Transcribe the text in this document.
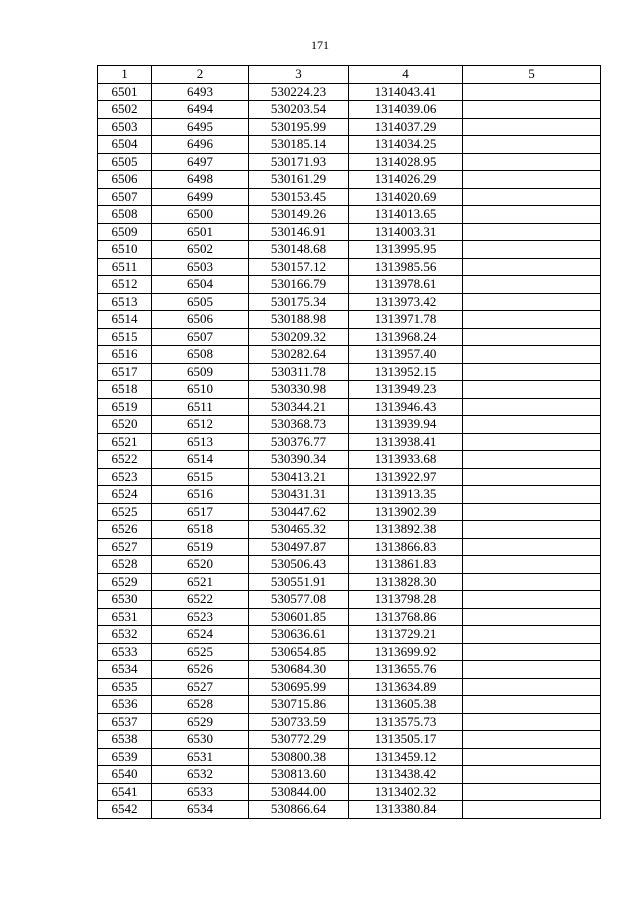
171
1	2	3	4	5
6501	6493	530224.23	1314043.41	
6502	6494	530203.54	1314039.06	
6503	6495	530195.99	1314037.29	
6504	6496	530185.14	1314034.25	
6505	6497	530171.93	1314028.95	
6506	6498	530161.29	1314026.29	
6507	6499	530153.45	1314020.69	
6508	6500	530149.26	1314013.65	
6509	6501	530146.91	1314003.31	
6510	6502	530148.68	1313995.95	
6511	6503	530157.12	1313985.56	
6512	6504	530166.79	1313978.61	
6513	6505	530175.34	1313973.42	
6514	6506	530188.98	1313971.78	
6515	6507	530209.32	1313968.24	
6516	6508	530282.64	1313957.40	
6517	6509	530311.78	1313952.15	
6518	6510	530330.98	1313949.23	
6519	6511	530344.21	1313946.43	
6520	6512	530368.73	1313939.94	
6521	6513	530376.77	1313938.41	
6522	6514	530390.34	1313933.68	
6523	6515	530413.21	1313922.97	
6524	6516	530431.31	1313913.35	
6525	6517	530447.62	1313902.39	
6526	6518	530465.32	1313892.38	
6527	6519	530497.87	1313866.83	
6528	6520	530506.43	1313861.83	
6529	6521	530551.91	1313828.30	
6530	6522	530577.08	1313798.28	
6531	6523	530601.85	1313768.86	
6532	6524	530636.61	1313729.21	
6533	6525	530654.85	1313699.92	
6534	6526	530684.30	1313655.76	
6535	6527	530695.99	1313634.89	
6536	6528	530715.86	1313605.38	
6537	6529	530733.59	1313575.73	
6538	6530	530772.29	1313505.17	
6539	6531	530800.38	1313459.12	
6540	6532	530813.60	1313438.42	
6541	6533	530844.00	1313402.32	
6542	6534	530866.64	1313380.84	
